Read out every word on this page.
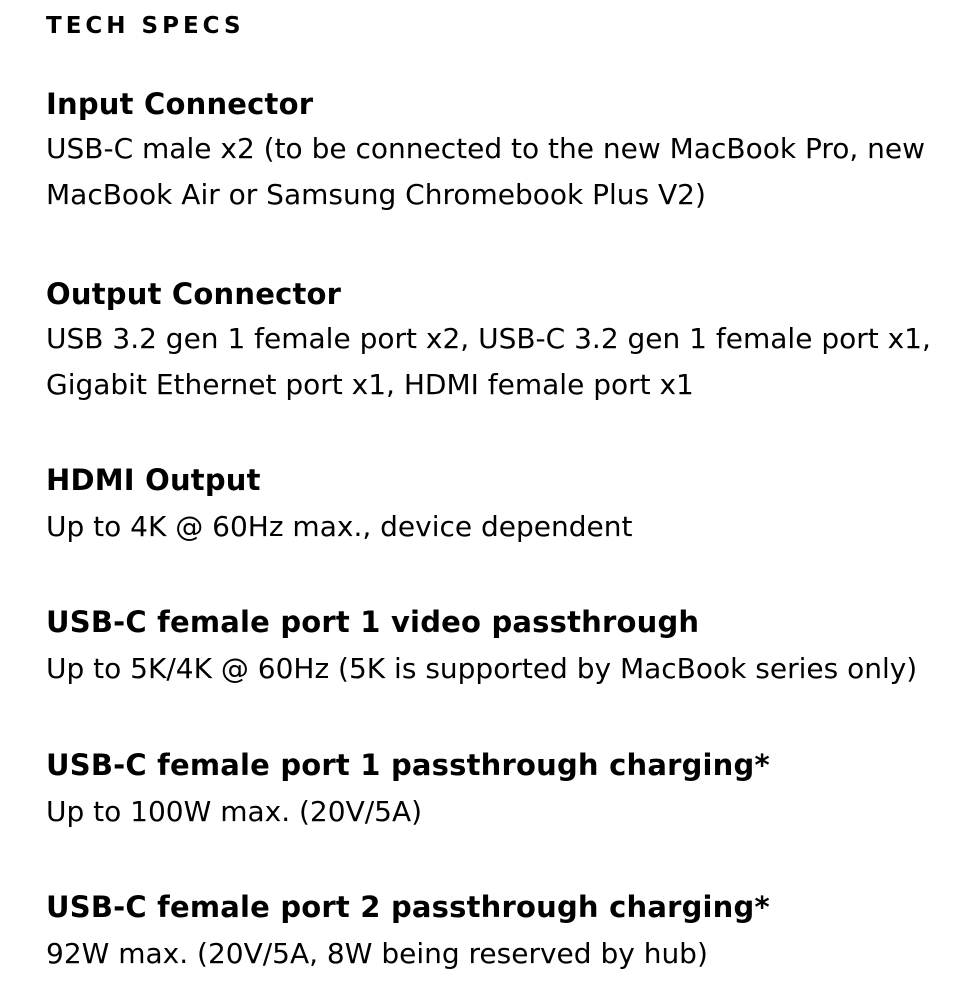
TECH SPECS
Input Connector
USB-C male x2 (to be connected to the new MacBook Pro, new MacBook Air or Samsung Chromebook Plus V2)
Output Connector
USB 3.2 gen 1 female port x2, USB-C 3.2 gen 1 female port x1, Gigabit Ethernet port x1, HDMI female port x1
HDMI Output
Up to 4K @ 60Hz max., device dependent
USB-C female port 1 video passthrough
Up to 5K/4K @ 60Hz (5K is supported by MacBook series only)
USB-C female port 1 passthrough charging*
Up to 100W max. (20V/5A)
USB-C female port 2 passthrough charging*
92W max. (20V/5A, 8W being reserved by hub)
